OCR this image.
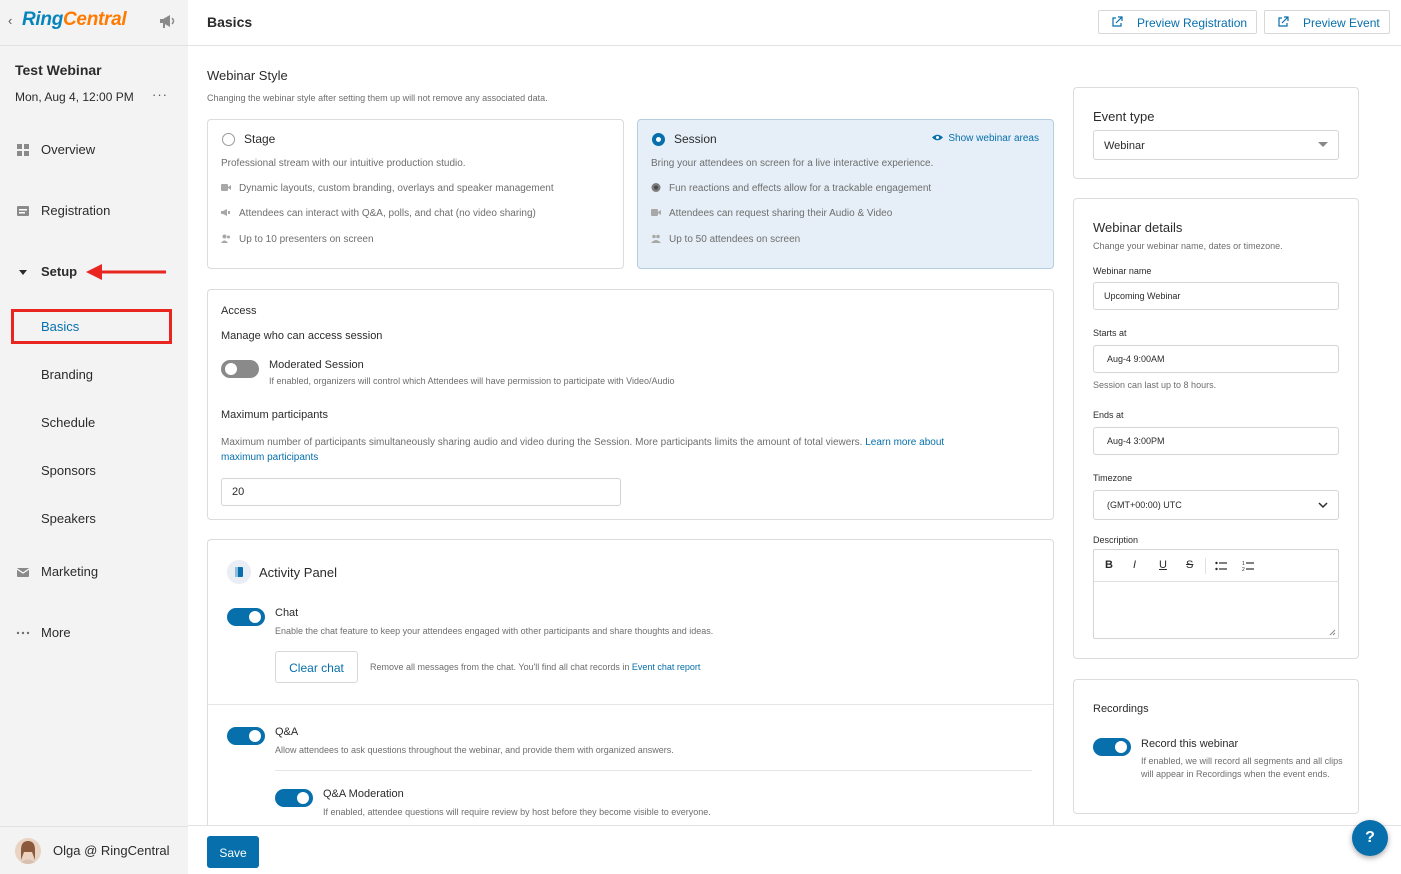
‹ RingCentral
Test Webinar
Mon, Aug 4, 12:00 PM ···
Overview
Registration
Setup
Basics
Branding
Schedule
Sponsors
Speakers
Marketing
More
Olga @ RingCentral
Basics	Preview Registration	Preview Event
Webinar Style
Changing the webinar style after setting them up will not remove any associated data.
Stage
Professional stream with our intuitive production studio.
Dynamic layouts, custom branding, overlays and speaker management
Attendees can interact with Q&A, polls, and chat (no video sharing)
Up to 10 presenters on screen
Session	Show webinar areas
Bring your attendees on screen for a live interactive experience.
Fun reactions and effects allow for a trackable engagement
Attendees can request sharing their Audio & Video
Up to 50 attendees on screen
Access
Manage who can access session
Moderated Session
If enabled, organizers will control which Attendees will have permission to participate with Video/Audio
Maximum participants
Maximum number of participants simultaneously sharing audio and video during the Session. More participants limits the amount of total viewers. Learn more about
maximum participants
20
Activity Panel
Chat
Enable the chat feature to keep your attendees engaged with other participants and share thoughts and ideas.
Clear chat	Remove all messages from the chat. You'll find all chat records in Event chat report
Q&A
Allow attendees to ask questions throughout the webinar, and provide them with organized answers.
Q&A Moderation
If enabled, attendee questions will require review by host before they become visible to everyone.
Event type
Webinar
Webinar details
Change your webinar name, dates or timezone.
Webinar name
Upcoming Webinar
Starts at
Aug-4 9:00AM
Session can last up to 8 hours.
Ends at
Aug-4 3:00PM
Timezone
(GMT+00:00) UTC
Description
B I U S	1
2
Recordings
Record this webinar
If enabled, we will record all segments and all clips will appear in Recordings when the event ends.
Save
?
